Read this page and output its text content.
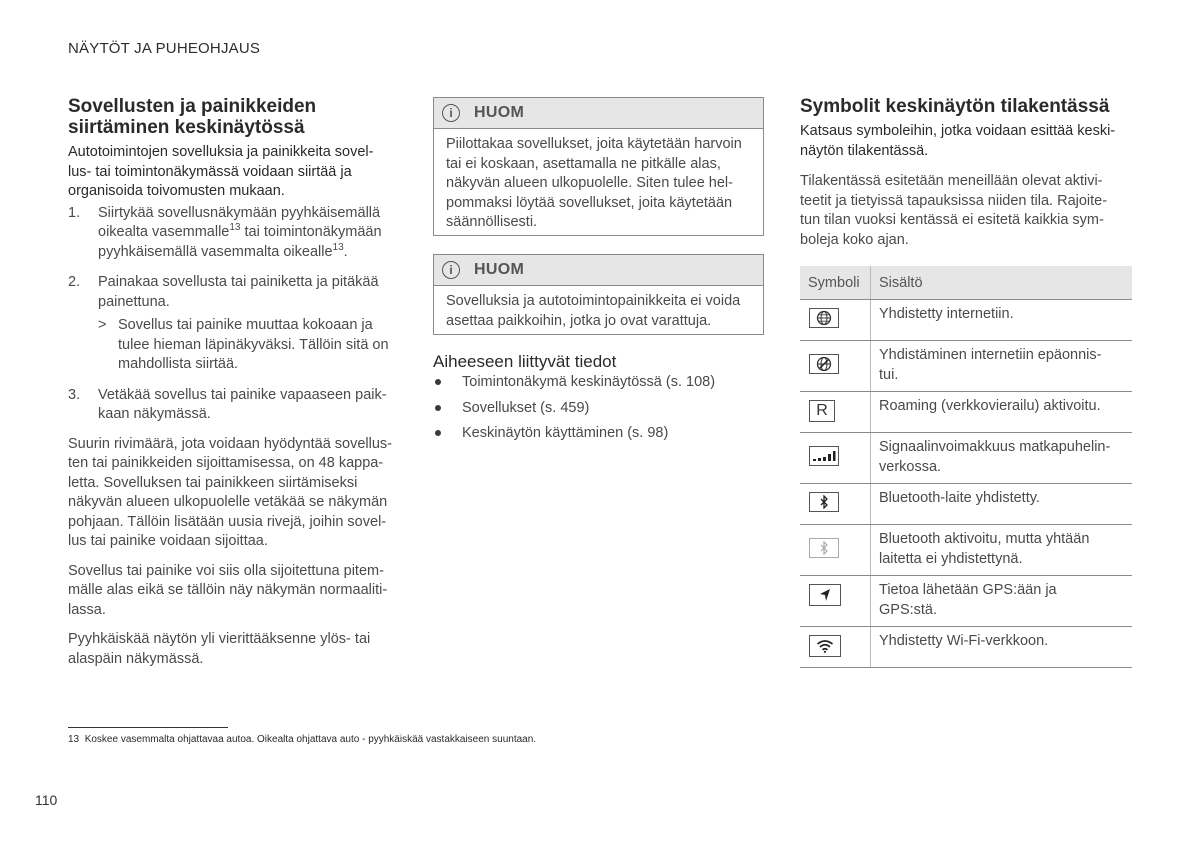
NÄYTÖT JA PUHEOHJAUS
Sovellusten ja painikkeiden
siirtäminen keskinäytössä
Autotoimintojen sovelluksia ja painikkeita sovel-
lus- tai toimintonäkymässä voidaan siirtää ja
organisoida toivomusten mukaan.
1. Siirtykää sovellusnäkymään pyyhkäisemällä
oikealta vasemmalle$^{13}$ tai toimintonäkymään
pyyhkäisemällä vasemmalta oikealle$^{13}$.
2. Painakaa sovellusta tai painiketta ja pitäkää
painettuna.
> Sovellus tai painike muuttaa kokoaan ja
tulee hieman läpinäkyväksi. Tällöin sitä on
mahdollista siirtää.
3. Vetäkää sovellus tai painike vapaaseen paik-
kaan näkymässä.

Suurin rivimäärä, jota voidaan hyödyntää sovellus-
ten tai painikkeiden sijoittamisessa, on 48 kappa-
letta. Sovelluksen tai painikkeen siirtämiseksi
näkyvän alueen ulkopuolelle vetäkää se näkymän
pohjaan. Tällöin lisätään uusia rivejä, joihin sovel-
lus tai painike voidaan sijoittaa.

Sovellus tai painike voi siis olla sijoitettuna pitem-
mälle alas eikä se tällöin näy näkymän normaaliti-
lassa.

Pyyhkäiskää näytön yli vierittääksenne ylös- tai
alaspäin näkymässä.

i	HUOM
Piilottakaa sovellukset, joita käytetään harvoin
tai ei koskaan, asettamalla ne pitkälle alas,
näkyvän alueen ulkopuolelle. Siten tulee hel-
pommaksi löytää sovellukset, joita käytetään
säännöllisesti.
i	HUOM
Sovelluksia ja autotoimintopainikkeita ei voida
asettaa paikkoihin, jotka jo ovat varattuja.
Aiheeseen liittyvät tiedot
Toimintonäkymä keskinäytössä (s. 108)
Sovellukset (s. 459)
Keskinäytön käyttäminen (s. 98)
Symbolit keskinäytön tilakentässä
Katsaus symboleihin, jotka voidaan esittää keski-
näytön tilakentässä.

Tilakentässä esitetään meneillään olevat aktivi-
teetit ja tietyissä tapauksissa niiden tila. Rajoite-
tun tilan vuoksi kentässä ei esitetä kaikkia sym-
boleja koko ajan.

Symboli	Sisältö

	Yhdistetty internetiin.

	Yhdistäminen internetiin epäonnis-
tui.

R	Roaming (verkkovierailu) aktivoitu.

	Signaalinvoimakkuus matkapuhelin-
verkossa.

	Bluetooth-laite yhdistetty.

	Bluetooth aktivoitu, mutta yhtään
laitetta ei yhdistettynä.

	Tietoa lähetään GPS:ään ja
GPS:stä.

	Yhdistetty Wi-Fi-verkkoon.
13 Koskee vasemmalta ohjattavaa autoa. Oikealta ohjattava auto - pyyhkäiskää vastakkaiseen suuntaan.
110
